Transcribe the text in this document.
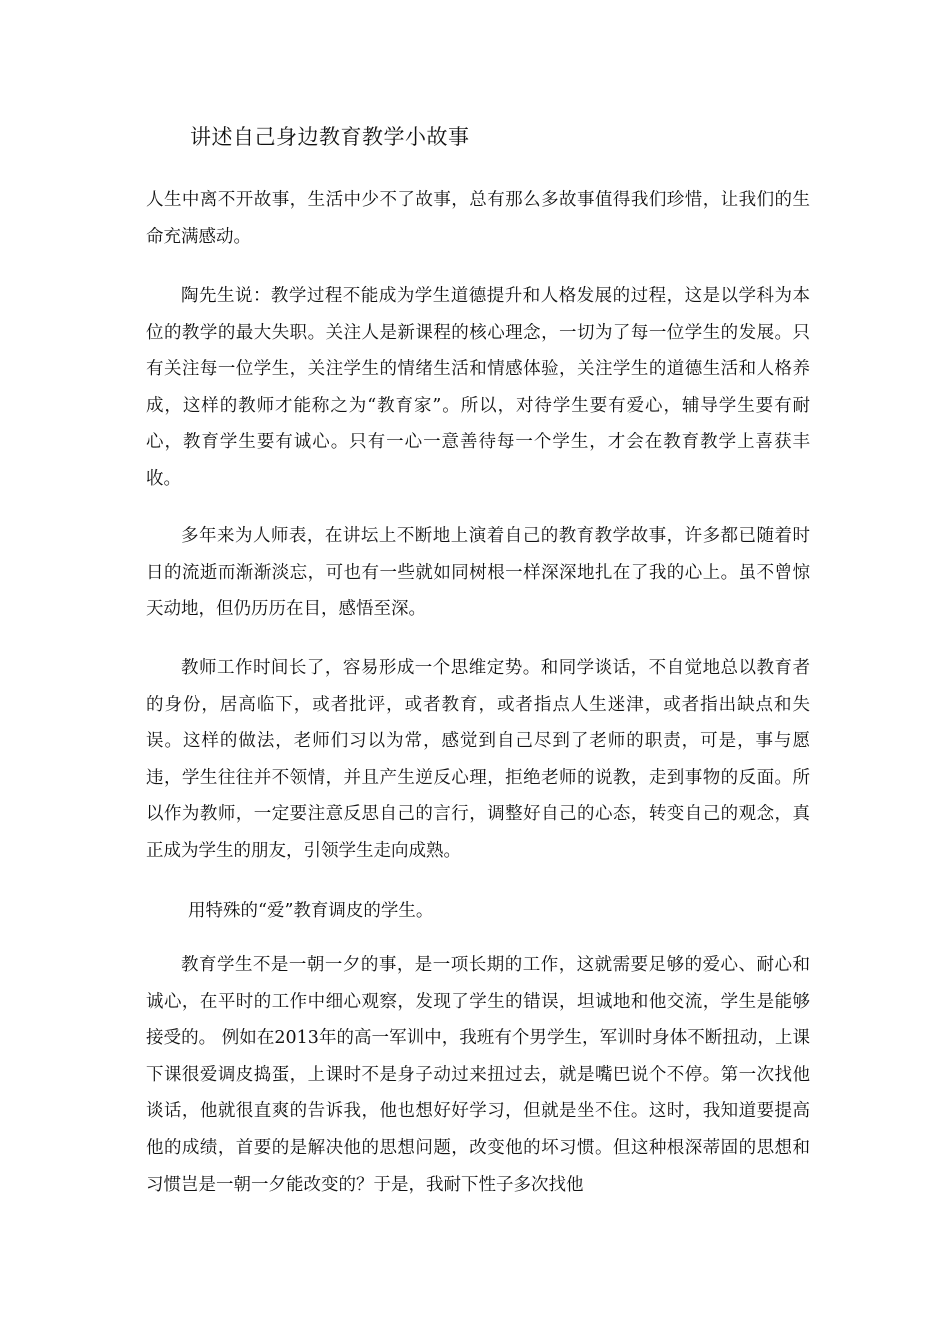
讲述自己身边教育教学小故事

人生中离不开故事，生活中少不了故事，总有那么多故事值得我们珍惜，让我们的生命充满感动。

陶先生说：教学过程不能成为学生道德提升和人格发展的过程，这是以学科为本位的教学的最大失职。关注人是新课程的核心理念，一切为了每一位学生的发展。只有关注每一位学生，关注学生的情绪生活和情感体验，关注学生的道德生活和人格养成，这样的教师才能称之为“教育家”。所以，对待学生要有爱心，辅导学生要有耐心，教育学生要有诚心。只有一心一意善待每一个学生，才会在教育教学上喜获丰收。

多年来为人师表，在讲坛上不断地上演着自己的教育教学故事，许多都已随着时日的流逝而渐渐淡忘，可也有一些就如同树根一样深深地扎在了我的心上。虽不曾惊天动地，但仍历历在目，感悟至深。

教师工作时间长了，容易形成一个思维定势。和同学谈话，不自觉地总以教育者的身份，居高临下，或者批评，或者教育，或者指点人生迷津，或者指出缺点和失误。这样的做法，老师们习以为常，感觉到自己尽到了老师的职责，可是，事与愿违，学生往往并不领情，并且产生逆反心理，拒绝老师的说教，走到事物的反面。所以作为教师，一定要注意反思自己的言行，调整好自己的心态，转变自己的观念，真正成为学生的朋友，引领学生走向成熟。

用特殊的“爱”教育调皮的学生。

教育学生不是一朝一夕的事，是一项长期的工作，这就需要足够的爱心、耐心和诚心，在平时的工作中细心观察，发现了学生的错误，坦诚地和他交流，学生是能够接受的。 例如在2013年的高一军训中，我班有个男学生，军训时身体不断扭动，上课下课很爱调皮捣蛋，上课时不是身子动过来扭过去，就是嘴巴说个不停。第一次找他谈话，他就很直爽的告诉我，他也想好好学习，但就是坐不住。这时，我知道要提高他的成绩，首要的是解决他的思想问题，改变他的坏习惯。但这种根深蒂固的思想和习惯岂是一朝一夕能改变的？于是，我耐下性子多次找他
